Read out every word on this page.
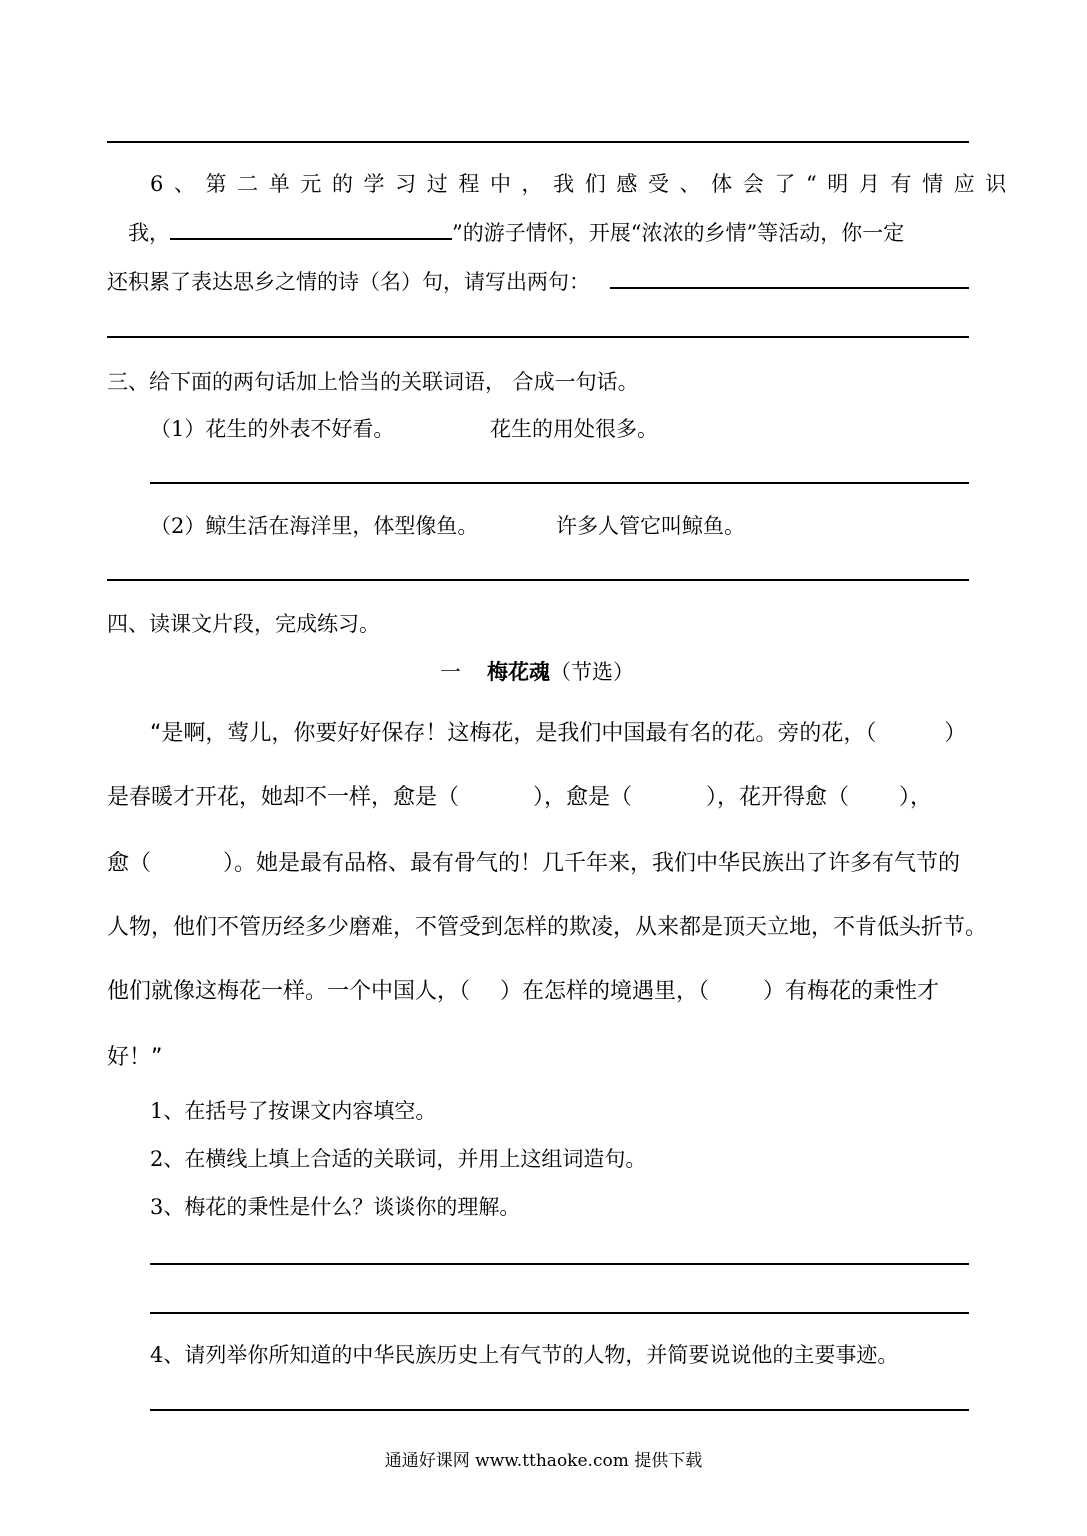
6、第二单元的学习过程中，我们感受、体会了“明月有情应识
我，	”的游子情怀，开展“浓浓的乡情”等活动，你一定
还积累了表达思乡之情的诗（名）句，请写出两句：
三、给下面的两句话加上恰当的关联词语， 合成一句话。
（1）花生的外表不好看。	花生的用处很多。
（2）鲸生活在海洋里，体型像鱼。	许多人管它叫鲸鱼。
四、读课文片段，完成练习。
一 梅花魂（节选）
“是啊，莺儿，你要好好保存！这梅花，是我们中国最有名的花。旁的花，（	）
是春暖才开花，她却不一样，愈是（	），愈是（	），花开得愈（ ），
愈（	）。她是最有品格、最有骨气的！几千年来，我们中华民族出了许多有气节的
人物，他们不管历经多少磨难，不管受到怎样的欺凌，从来都是顶天立地，不肯低头折节。
他们就像这梅花一样。一个中国人，（ ）在怎样的境遇里，（ ）有梅花的秉性才
好！”
1、在括号了按课文内容填空。
2、在横线上填上合适的关联词，并用上这组词造句。
3、梅花的秉性是什么？谈谈你的理解。
4、请列举你所知道的中华民族历史上有气节的人物，并简要说说他的主要事迹。
通通好课网 www.tthaoke.com 提供下载
